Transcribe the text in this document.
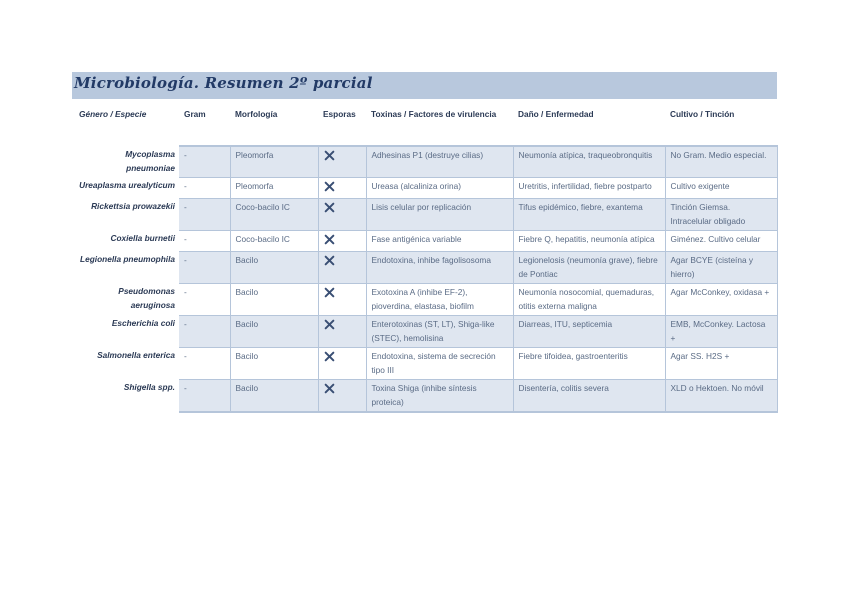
Microbiología. Resumen 2º parcial
Género / Especie	Gram	Morfología	Esporas	Toxinas / Factores de virulencia	Daño / Enfermedad	Cultivo / Tinción
Mycoplasma pneumoniae	-	Pleomorfa		Adhesinas P1 (destruye cilias)	Neumonía atípica, traqueobronquitis	No Gram. Medio especial.
Ureaplasma urealyticum	-	Pleomorfa		Ureasa (alcaliniza orina)	Uretritis, infertilidad, fiebre postparto	Cultivo exigente
Rickettsia prowazekii	-	Coco-bacilo IC		Lisis celular por replicación	Tifus epidémico, fiebre, exantema	Tinción Giemsa. Intracelular obligado
Coxiella burnetii	-	Coco-bacilo IC		Fase antigénica variable	Fiebre Q, hepatitis, neumonía atípica	Giménez. Cultivo celular
Legionella pneumophila	-	Bacilo		Endotoxina, inhibe fagolisosoma	Legionelosis (neumonía grave), fiebre de Pontiac	Agar BCYE (cisteína y hierro)
Pseudomonas aeruginosa	-	Bacilo		Exotoxina A (inhibe EF-2), pioverdina, elastasa, biofilm	Neumonía nosocomial, quemaduras, otitis externa maligna	Agar McConkey, oxidasa +
Escherichia coli	-	Bacilo		Enterotoxinas (ST, LT), Shiga-like (STEC), hemolisina	Diarreas, ITU, septicemia	EMB, McConkey. Lactosa +
Salmonella enterica	-	Bacilo		Endotoxina, sistema de secreción tipo III	Fiebre tifoidea, gastroenteritis	Agar SS. H2S +
Shigella spp.	-	Bacilo		Toxina Shiga (inhibe síntesis proteica)	Disentería, colitis severa	XLD o Hektoen. No móvil
